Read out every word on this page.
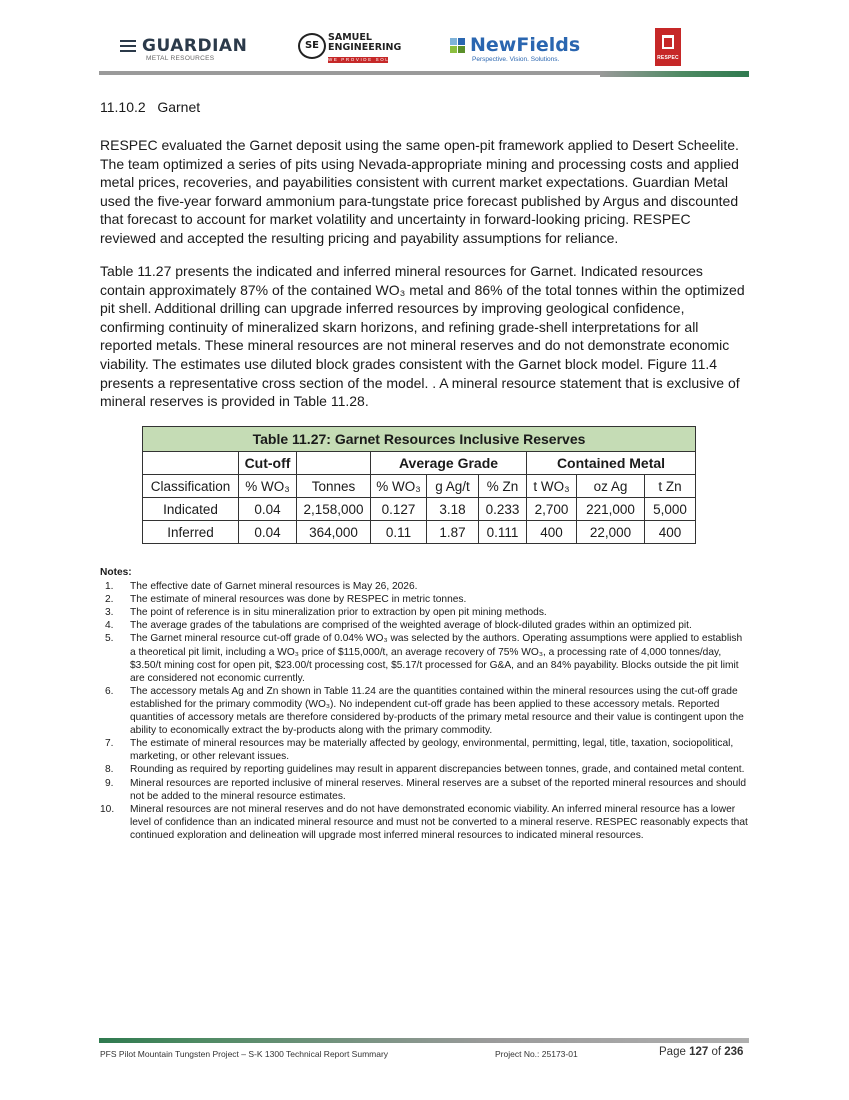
GUARDIAN
METAL RESOURCES
SE
SAMUEL
ENGINEERING
WE PROVIDE SOLUTIONS
NewFields
Perspective. Vision. Solutions.	RESPEC
11.10.2   Garnet
RESPEC evaluated the Garnet deposit using the same open-pit framework applied to Desert Scheelite. The team optimized a series of pits using Nevada-appropriate mining and processing costs and applied metal prices, recoveries, and payabilities consistent with current market expectations. Guardian Metal used the five-year forward ammonium para-tungstate price forecast published by Argus and discounted that forecast to account for market volatility and uncertainty in forward-looking pricing. RESPEC reviewed and accepted the resulting pricing and payability assumptions for reliance.
Table 11.27 presents the indicated and inferred mineral resources for Garnet. Indicated resources contain approximately 87% of the contained WO₃ metal and 86% of the total tonnes within the optimized pit shell. Additional drilling can upgrade inferred resources by improving geological confidence, confirming continuity of mineralized skarn horizons, and refining grade-shell interpretations for all reported metals. These mineral resources are not mineral reserves and do not demonstrate economic viability. The estimates use diluted block grades consistent with the Garnet block model. Figure 11.4 presents a representative cross section of the model. . A mineral resource statement that is exclusive of mineral reserves is provided in Table 11.28.
Table 11.27: Garnet Resources Inclusive Reserves								
	Cut-off		Average Grade			Contained Metal		
Classification	% WO₃	Tonnes	% WO₃	g Ag/t	% Zn	t WO₃	oz Ag	t Zn
Indicated	0.04	2,158,000	0.127	3.18	0.233	2,700	221,000	5,000
Inferred	0.04	364,000	0.11	1.87	0.111	400	22,000	400
Notes:
1. The effective date of Garnet mineral resources is May 26, 2026.
2. The estimate of mineral resources was done by RESPEC in metric tonnes.
3. The point of reference is in situ mineralization prior to extraction by open pit mining methods.
4. The average grades of the tabulations are comprised of the weighted average of block-diluted grades within an optimized pit.
5. The Garnet mineral resource cut-off grade of 0.04% WO₃ was selected by the authors. Operating assumptions were applied to establish a theoretical pit limit, including a WO₃ price of $115,000/t, an average recovery of 75% WO₃, a processing rate of 4,000 tonnes/day, $3.50/t mining cost for open pit, $23.00/t processing cost, $5.17/t processed for G&A, and an 84% payability. Blocks outside the pit limit are considered not economic currently.
6. The accessory metals Ag and Zn shown in Table 11.24 are the quantities contained within the mineral resources using the cut-off grade established for the primary commodity (WO₃). No independent cut-off grade has been applied to these accessory metals. Reported quantities of accessory metals are therefore considered by-products of the primary metal resource and their value is contingent upon the ability to economically extract the by-products along with the primary commodity.
7. The estimate of mineral resources may be materially affected by geology, environmental, permitting, legal, title, taxation, sociopolitical, marketing, or other relevant issues.
8. Rounding as required by reporting guidelines may result in apparent discrepancies between tonnes, grade, and contained metal content.
9. Mineral resources are reported inclusive of mineral reserves. Mineral reserves are a subset of the reported mineral resources and should not be added to the mineral resource estimates.
10. Mineral resources are not mineral reserves and do not have demonstrated economic viability. An inferred mineral resource has a lower level of confidence than an indicated mineral resource and must not be converted to a mineral reserve. RESPEC reasonably expects that continued exploration and delineation will upgrade most inferred mineral resources to indicated mineral resources.
PFS Pilot Mountain Tungsten Project – S-K 1300 Technical Report Summary	Project No.: 25173-01	Page 127 of 236
